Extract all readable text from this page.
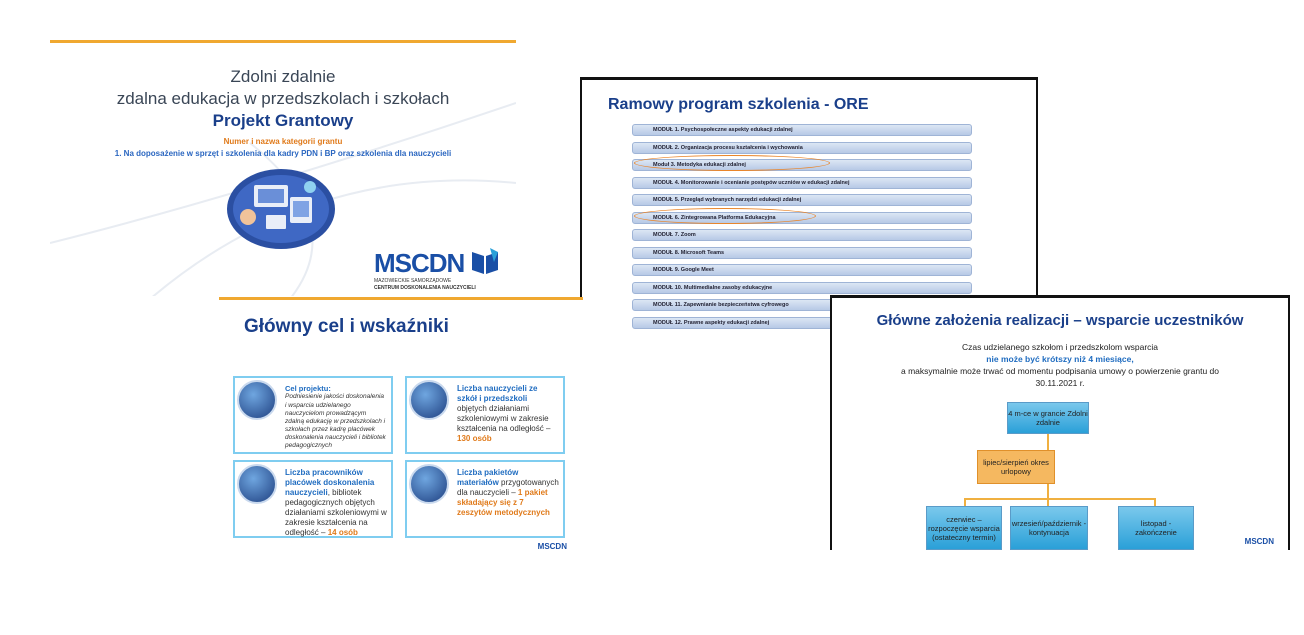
Zdolni zdalnie
zdalna edukacja w przedszkolach i szkołach
Projekt Grantowy
Numer i nazwa kategorii grantu
1. Na doposażenie w sprzęt i szkolenia dla kadry PDN i BP oraz szkolenia dla nauczycieli
MSCDN
MAZOWIECKIE SAMORZĄDOWE
CENTRUM DOSKONALENIA NAUCZYCIELI
Ramowy program szkolenia - ORE
MODUŁ 1. Psychospołeczne aspekty edukacji zdalnej
MODUŁ 2. Organizacja procesu kształcenia i wychowania
Moduł 3. Metodyka edukacji zdalnej
MODUŁ 4. Monitorowanie i ocenianie postępów uczniów w edukacji zdalnej
MODUŁ 5. Przegląd wybranych narzędzi edukacji zdalnej
MODUŁ 6. Zintegrowana Platforma Edukacyjna
MODUŁ 7. Zoom
MODUŁ 8. Microsoft Teams
MODUŁ 9. Google Meet
MODUŁ 10. Multimedialne zasoby edukacyjne
MODUŁ 11. Zapewnianie bezpieczeństwa cyfrowego
MODUŁ 12. Prawne aspekty edukacji zdalnej
Główny cel i wskaźniki
Cel projektu:
Podniesienie jakości doskonalenia i wsparcia udzielanego nauczycielom prowadzącym zdalną edukację w przedszkolach i szkołach przez kadrę placówek doskonalenia nauczycieli i bibliotek pedagogicznych
Liczba nauczycieli ze szkół i przedszkoli objętych działaniami szkoleniowymi w zakresie kształcenia na odległość – 130 osób
Liczba pracowników placówek doskonalenia nauczycieli, bibliotek pedagogicznych objętych działaniami szkoleniowymi w zakresie kształcenia na odległość – 14 osób
Liczba pakietów materiałów przygotowanych dla nauczycieli – 1 pakiet składający się z 7 zeszytów metodycznych
MSCDN
Główne założenia realizacji – wsparcie uczestników
Czas udzielanego szkołom i przedszkolom wsparcia
nie może być krótszy niż 4 miesiące,
a maksymalnie może trwać od momentu podpisania umowy o powierzenie grantu do
30.11.2021 r.
4 m-ce w grancie Zdolni zdalnie
lipiec/sierpień okres urlopowy
czerwiec – rozpoczęcie wsparcia (ostateczny termin)
wrzesień/październik - kontynuacja
listopad - zakończenie
MSCDN
